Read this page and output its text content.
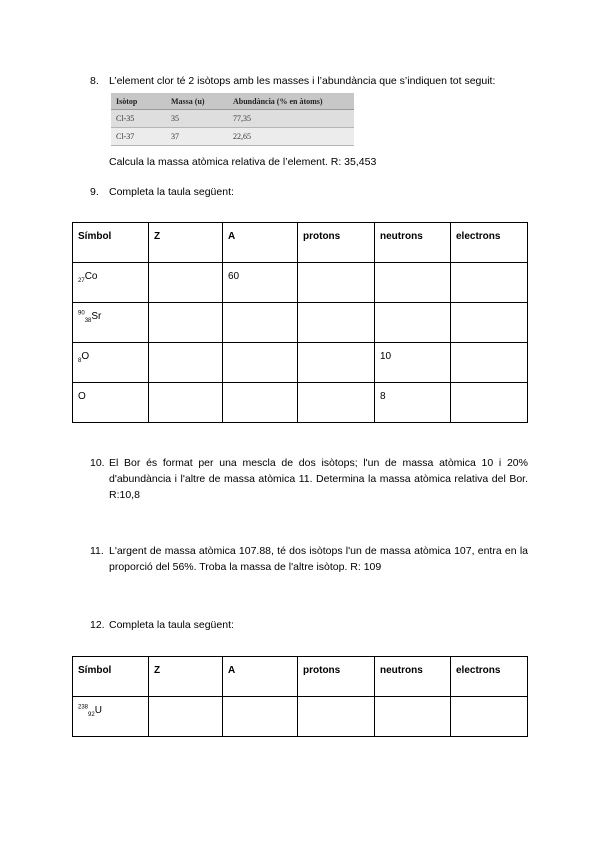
8. L’element clor té 2 isòtops amb les masses i l’abundància que s’indiquen tot seguit:
Isòtop	Massa (u)	Abundància (% en àtoms)
Cl-35	35	77,35
Cl-37	37	22,65
Calcula la massa atòmica relativa de l’element. R: 35,453
9. Completa la taula següent:
Símbol	Z	A	protons	neutrons	electrons

$_{27}$Co		60			

$^{90}_{38}$Sr					

$_8$O				10	

O				8	

10. El Bor és format per una mescla de dos isòtops; l'un de massa atòmica 10 i 20% d'abundància i l'altre de massa atòmica 11. Determina la massa atòmica relativa del Bor. R:10,8
11. L'argent de massa atòmica 107.88, té dos isòtops l'un de massa atòmica 107, entra en la proporció del 56%. Troba la massa de l'altre isòtop. R: 109
12. Completa la taula següent:
Símbol	Z	A	protons	neutrons	electrons

$^{238}_{92}$U					
